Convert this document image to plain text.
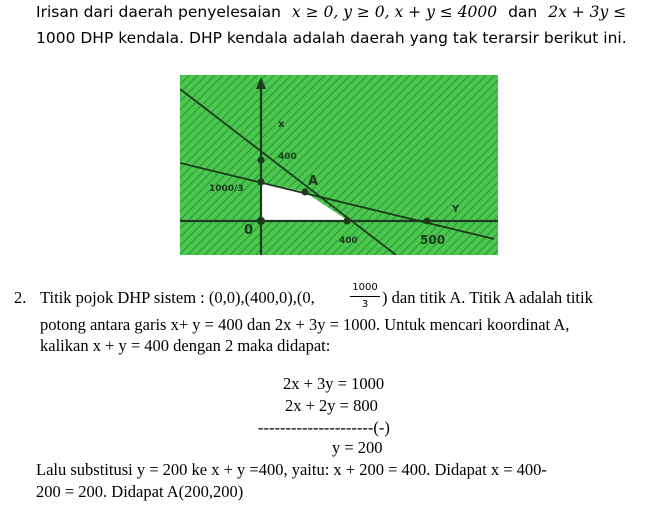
Irisan dari daerah penyelesaian x ≥ 0, y ≥ 0, x + y ≤ 4000 dan 2x + 3y ≤
1000 DHP kendala. DHP kendala adalah daerah yang tak terarsir berikut ini.
x
400
1000/3	A
Y
0
400	500
2. Titik pojok DHP sistem : (0,0),(400,0),(0,
1000
3 ) dan titik A. Titik A adalah titik
potong antara garis x+ y = 400 dan 2x + 3y = 1000. Untuk mencari koordinat A,
kalikan x + y = 400 dengan 2 maka didapat:
2x + 3y = 1000
2x + 2y = 800
---------------------(-)
y = 200
Lalu substitusi y = 200 ke x + y =400, yaitu: x + 200 = 400. Didapat x = 400-
200 = 200. Didapat A(200,200)
